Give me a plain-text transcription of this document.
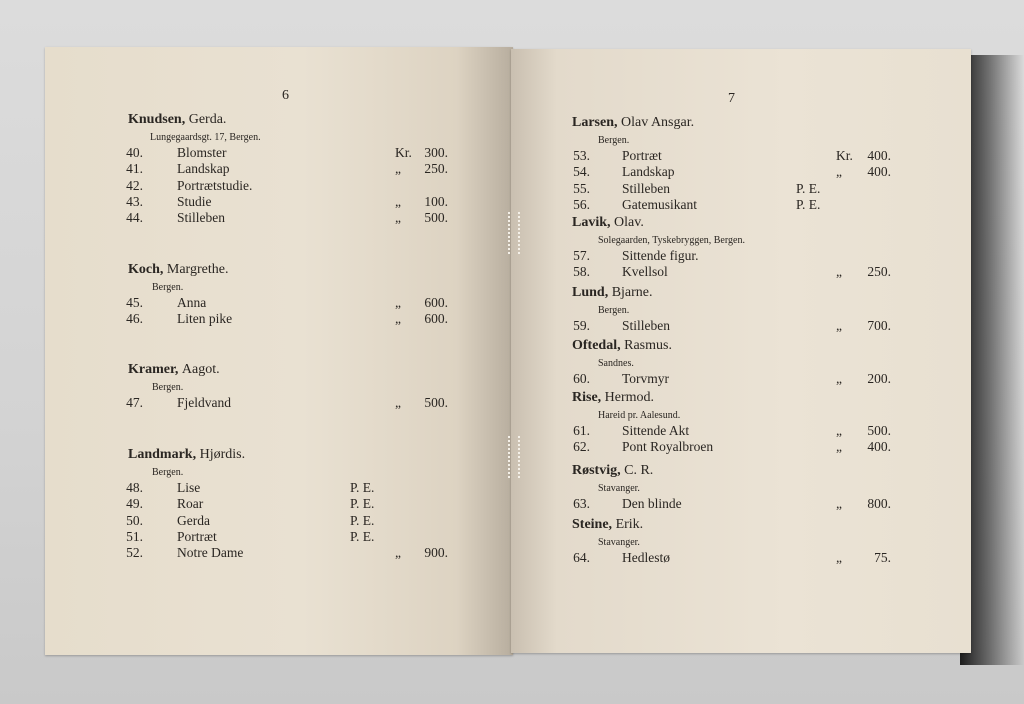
6	7
Knudsen, Gerda.
Lungegaardsgt. 17, Bergen.
40.	Blomster	Kr. 300.
41.	Landskap	„	250.
42.	Portrætstudie.
43.	Studie	„	100.
44.	Stilleben	„	500.
Koch, Margrethe.
Bergen.
45.	Anna	„	600.
46.	Liten pike	„	600.
Kramer, Aagot.
Bergen.
47.	Fjeldvand	„	500.
Landmark, Hjørdis.
Bergen.
48.	Lise	P. E.
49.	Roar	P. E.
50.	Gerda	P. E.
51.	Portræt	P. E.
52.	Notre Dame	„	900.
Larsen, Olav Ansgar.
Bergen.
53. Portræt	Kr.	400.
54. Landskap	„	400.
55. Stilleben	P. E.
56. Gatemusikant	P. E.
Lavik, Olav.
Solegaarden, Tyskebryggen, Bergen.
57. Sittende figur.
58. Kvellsol	„	250.
Lund, Bjarne.
Bergen.
59. Stilleben	„	700.
Oftedal, Rasmus.
Sandnes.
60. Torvmyr	„	200.
Rise, Hermod.
Hareid pr. Aalesund.
61. Sittende Akt	„	500.
62. Pont Royalbroen	„	400.
Røstvig, C. R.
Stavanger.
63. Den blinde	„	800.
Steine, Erik.
Stavanger.
64. Hedlestø	„	75.
